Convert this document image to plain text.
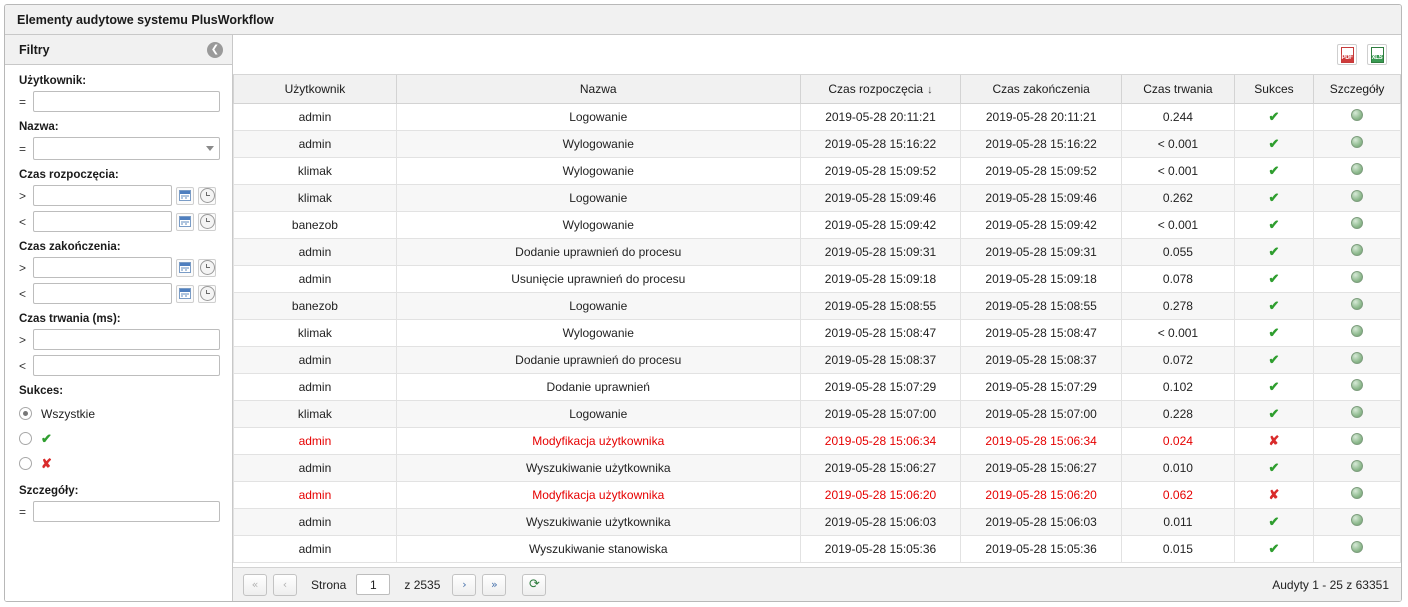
Elementy audytowe systemu PlusWorkflow
Filtry	❮
Użytkownik:
=
Nazwa:
=
Czas rozpoczęcia:
>
<
Czas zakończenia:
>
<
Czas trwania (ms):
>
<
Sukces:
Wszystkie
✔
✘
Szczegóły:
=
PDF	XLS
Użytkownik	Nazwa	Czas rozpoczęcia ↓	Czas zakończenia	Czas trwania	Sukces	Szczegóły
admin	Logowanie	2019-05-28 20:11:21	2019-05-28 20:11:21	0.244	✔	
admin	Wylogowanie	2019-05-28 15:16:22	2019-05-28 15:16:22	< 0.001	✔	
klimak	Wylogowanie	2019-05-28 15:09:52	2019-05-28 15:09:52	< 0.001	✔	
klimak	Logowanie	2019-05-28 15:09:46	2019-05-28 15:09:46	0.262	✔	
banezob	Wylogowanie	2019-05-28 15:09:42	2019-05-28 15:09:42	< 0.001	✔	
admin	Dodanie uprawnień do procesu	2019-05-28 15:09:31	2019-05-28 15:09:31	0.055	✔	
admin	Usunięcie uprawnień do procesu	2019-05-28 15:09:18	2019-05-28 15:09:18	0.078	✔	
banezob	Logowanie	2019-05-28 15:08:55	2019-05-28 15:08:55	0.278	✔	
klimak	Wylogowanie	2019-05-28 15:08:47	2019-05-28 15:08:47	< 0.001	✔	
admin	Dodanie uprawnień do procesu	2019-05-28 15:08:37	2019-05-28 15:08:37	0.072	✔	
admin	Dodanie uprawnień	2019-05-28 15:07:29	2019-05-28 15:07:29	0.102	✔	
klimak	Logowanie	2019-05-28 15:07:00	2019-05-28 15:07:00	0.228	✔	
admin	Modyfikacja użytkownika	2019-05-28 15:06:34	2019-05-28 15:06:34	0.024	✘	
admin	Wyszukiwanie użytkownika	2019-05-28 15:06:27	2019-05-28 15:06:27	0.010	✔	
admin	Modyfikacja użytkownika	2019-05-28 15:06:20	2019-05-28 15:06:20	0.062	✘	
admin	Wyszukiwanie użytkownika	2019-05-28 15:06:03	2019-05-28 15:06:03	0.011	✔	
admin	Wyszukiwanie stanowiska	2019-05-28 15:05:36	2019-05-28 15:05:36	0.015	✔	
«	‹	Strona
1	z 2535	›	»	⟳	Audyty 1 - 25 z 63351
